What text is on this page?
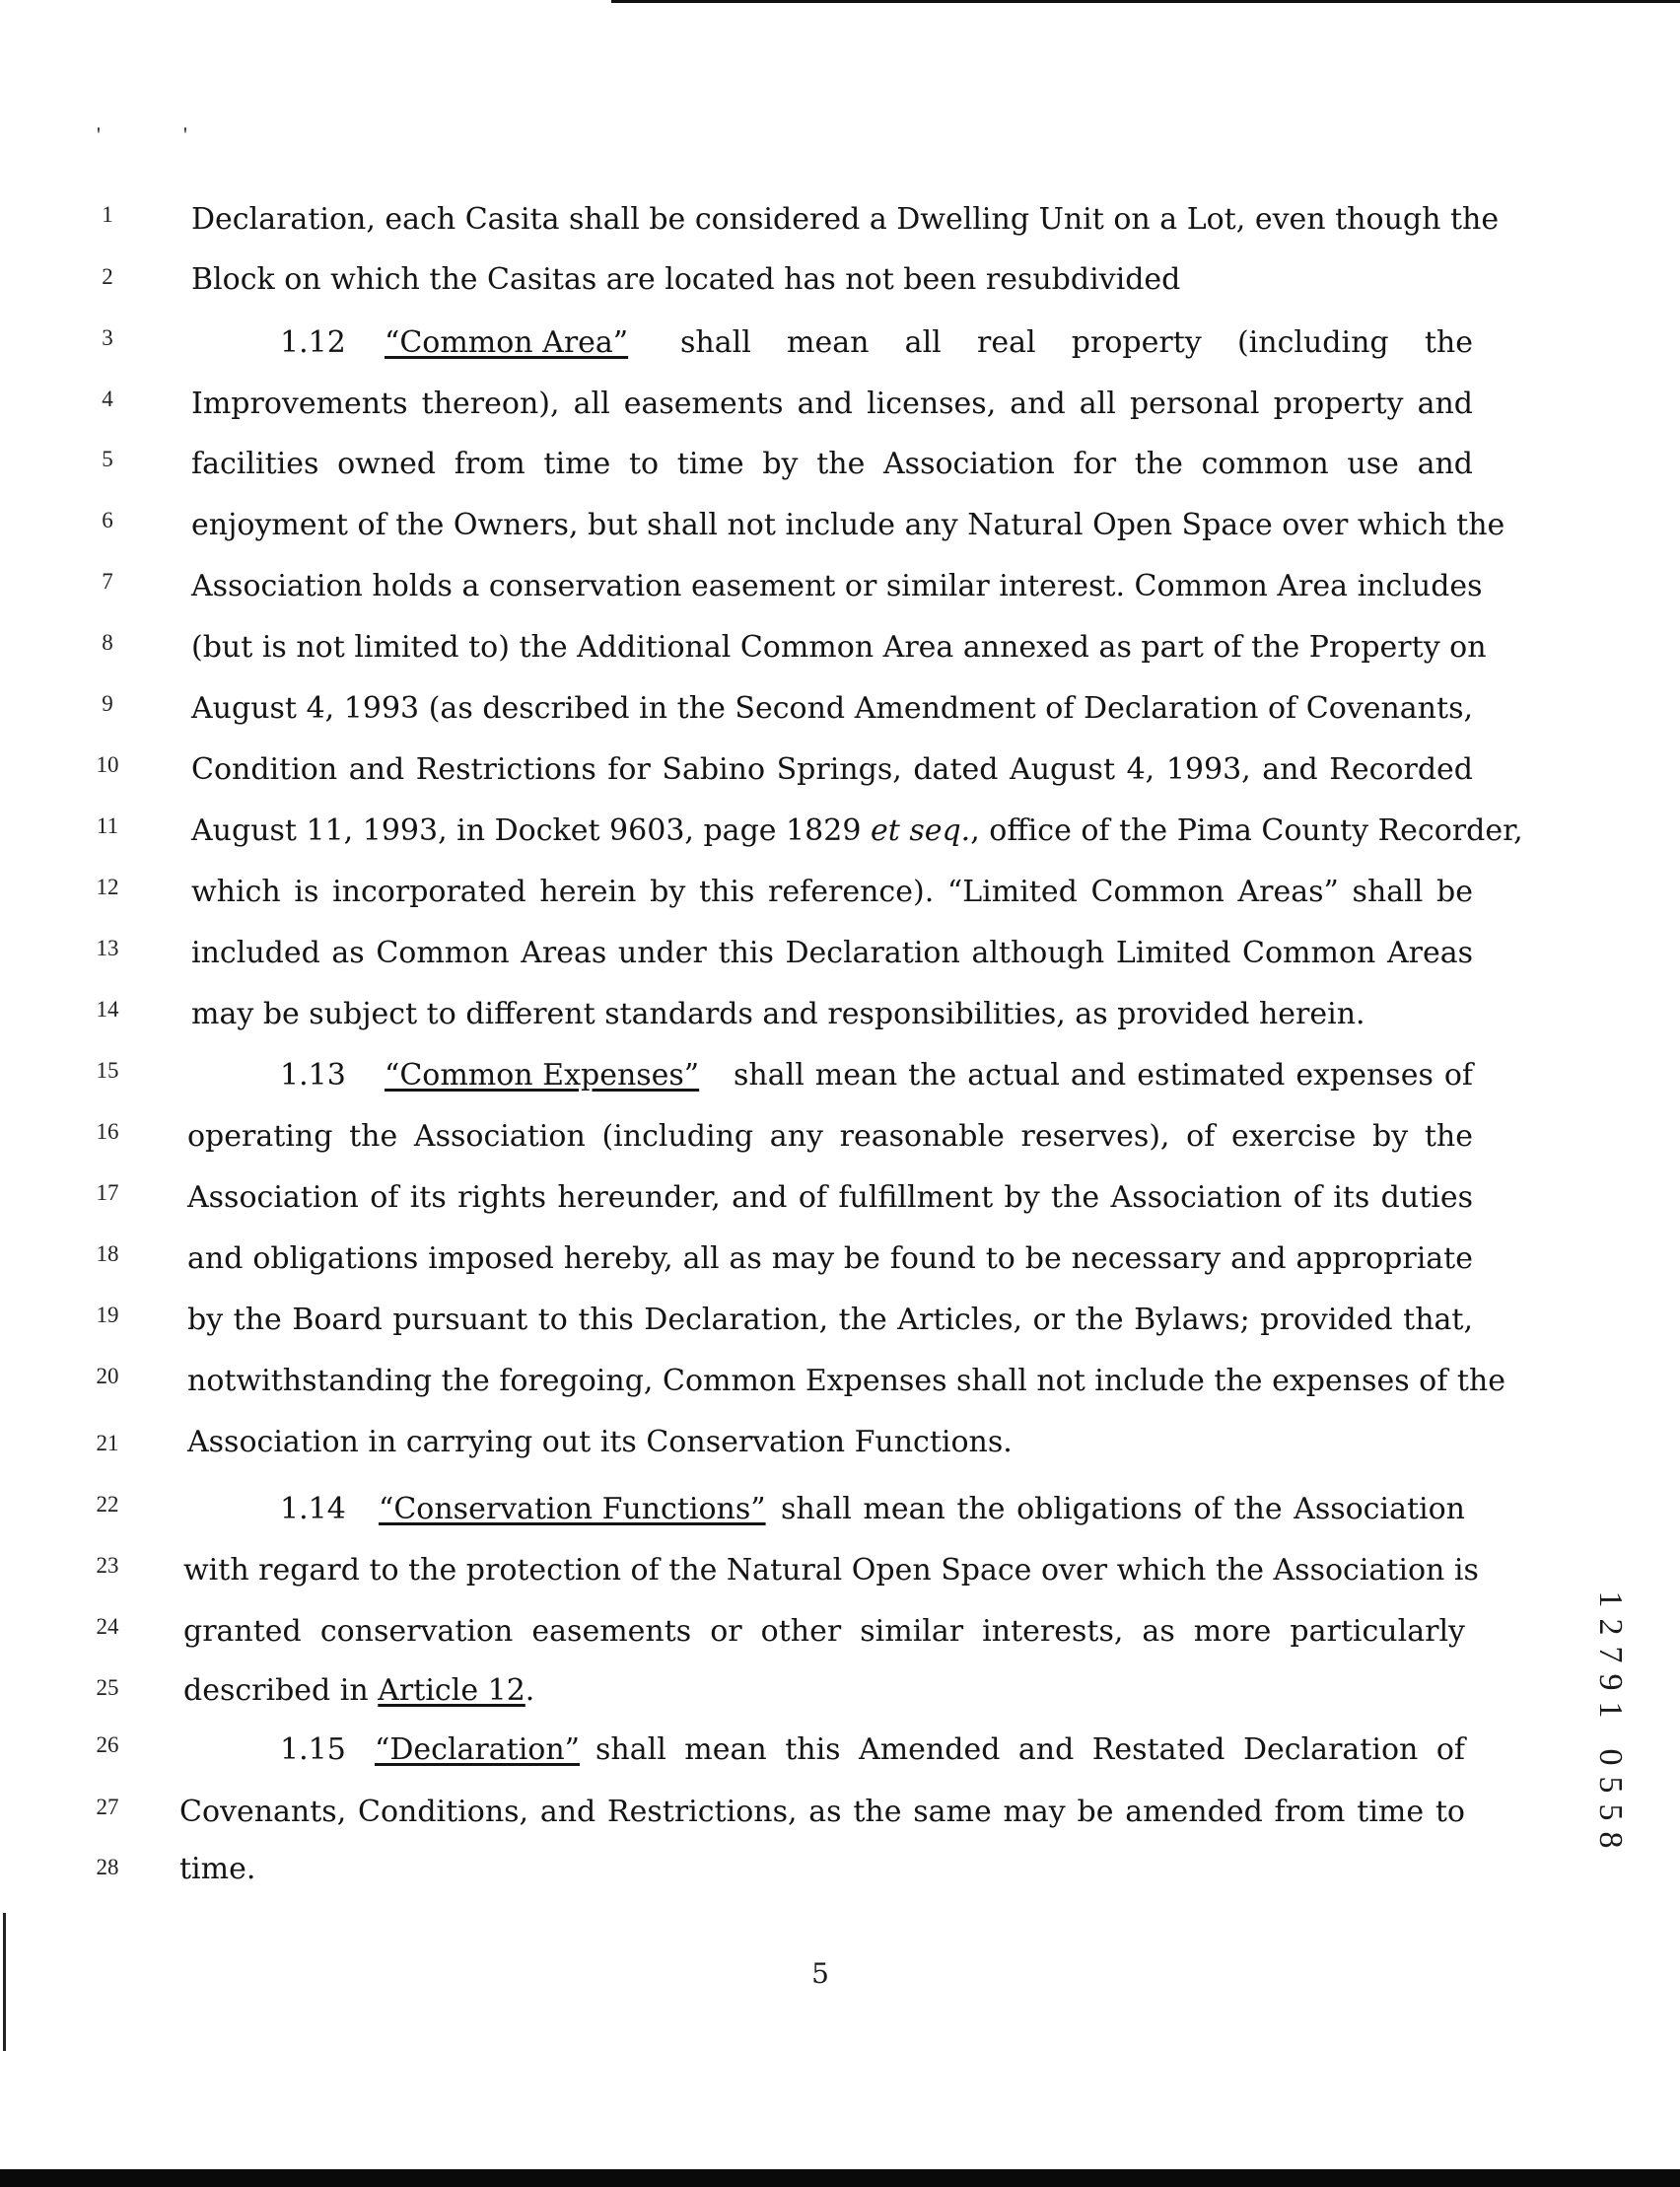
'	'
1
2
3
4
5
6
7
8
9
10
11
12
13
14
15
16
17
18
19
20
21
22
23
24
25
26
27
28
Declaration, each Casita shall be considered a Dwelling Unit on a Lot, even though the
Block on which the Casitas are located has not been resubdivided
1.12 “Common Area” shall mean all real property (including the
Improvements thereon), all easements and licenses, and all personal property and
facilities owned from time to time by the Association for the common use and
enjoyment of the Owners, but shall not include any Natural Open Space over which the
Association holds a conservation easement or similar interest. Common Area includes
(but is not limited to) the Additional Common Area annexed as part of the Property on
August 4, 1993 (as described in the Second Amendment of Declaration of Covenants,
Condition and Restrictions for Sabino Springs, dated August 4, 1993, and Recorded
August 11, 1993, in Docket 9603, page 1829 et seq., office of the Pima County Recorder,
which is incorporated herein by this reference). “Limited Common Areas” shall be
included as Common Areas under this Declaration although Limited Common Areas
may be subject to different standards and responsibilities, as provided herein.
1.13 “Common Expenses” shall mean the actual and estimated expenses of
operating the Association (including any reasonable reserves), of exercise by the
Association of its rights hereunder, and of fulfillment by the Association of its duties
and obligations imposed hereby, all as may be found to be necessary and appropriate
by the Board pursuant to this Declaration, the Articles, or the Bylaws; provided that,
notwithstanding the foregoing, Common Expenses shall not include the expenses of the
Association in carrying out its Conservation Functions.
1.14 “Conservation Functions” shall mean the obligations of the Association
with regard to the protection of the Natural Open Space over which the Association is
granted conservation easements or other similar interests, as more particularly
described in Article 12.
1.15 “Declaration” shall mean this Amended and Restated Declaration of
Covenants, Conditions, and Restrictions, as the same may be amended from time to
time.
5
1
2
7
9
1
0
5
5
8
